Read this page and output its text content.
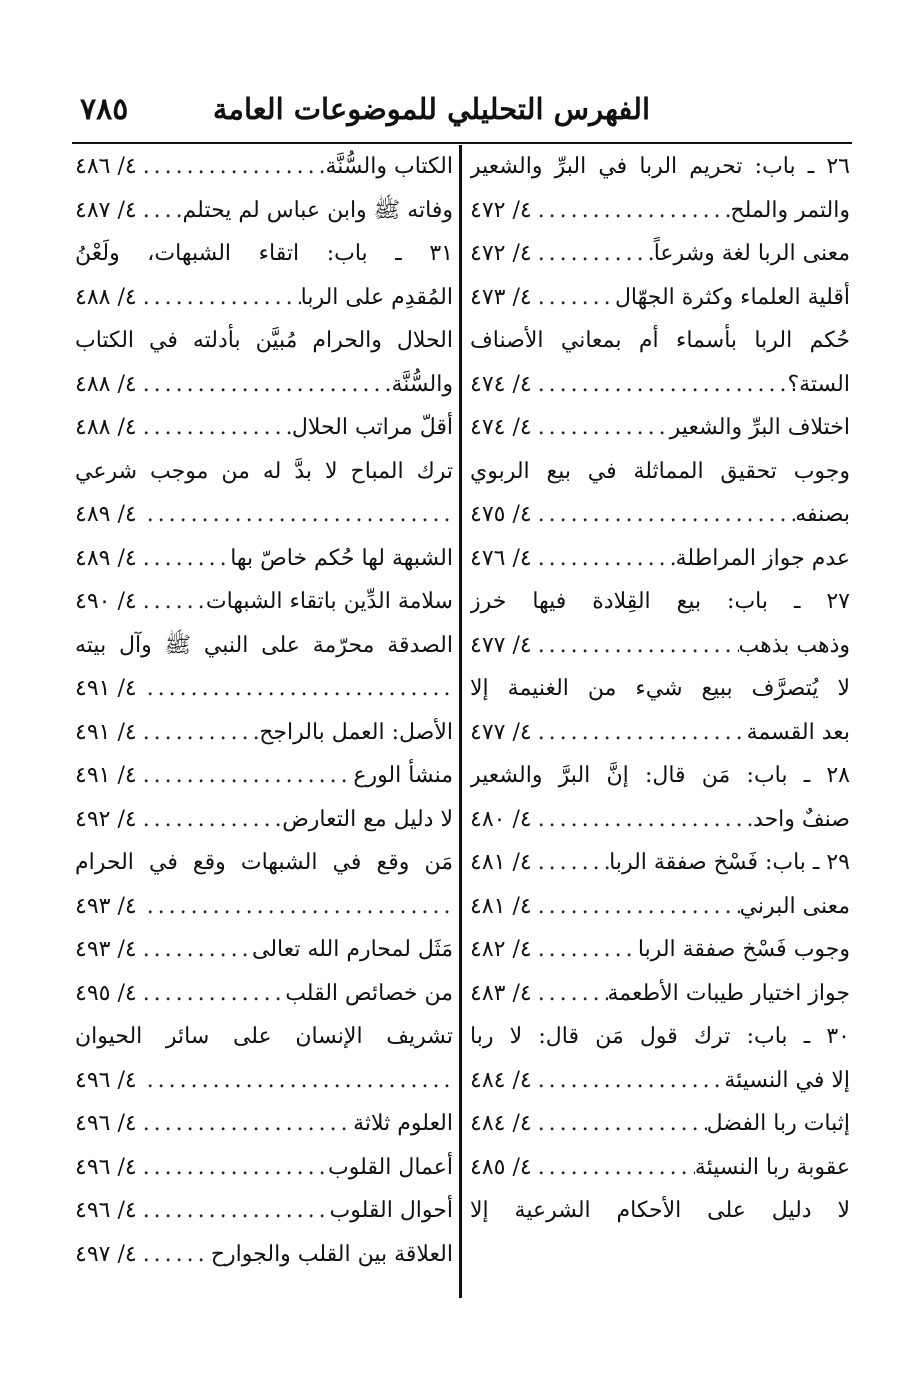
٧٨٥	الفهرس التحليلي للموضوعات العامة
٢٦ ـ باب: تحريم الربا في البرِّ والشعير
والتمر والملح
.....
٤/ ٤٧٢
معنى الربا لغة وشرعاً
.....
٤/ ٤٧٢
أقلية العلماء وكثرة الجهّال
.....
٤/ ٤٧٣
حُكم الربا بأسماء أم بمعاني الأصناف
الستة؟
.....
٤/ ٤٧٤
اختلاف البرِّ والشعير
.....
٤/ ٤٧٤
وجوب تحقيق المماثلة في بيع الربوي
بصنفه
.....
٤/ ٤٧٥
عدم جواز المراطلة
.....
٤/ ٤٧٦
٢٧ ـ باب: بيع القِلادة فيها خرز
وذهب بذهب
.....
٤/ ٤٧٧
لا يُتصرَّف ببيع شيء من الغنيمة إلا
بعد القسمة
.....
٤/ ٤٧٧
٢٨ ـ باب: مَن قال: إنَّ البرَّ والشعير
صنفٌ واحد
.....
٤/ ٤٨٠
٢٩ ـ باب: فَسْخ صفقة الربا
.....
٤/ ٤٨١
معنى البرني
.....
٤/ ٤٨١
وجوب فَسْخ صفقة الربا
.....
٤/ ٤٨٢
جواز اختيار طيبات الأطعمة
.....
٤/ ٤٨٣
٣٠ ـ باب: ترك قول مَن قال: لا ربا
إلا في النسيئة
.....
٤/ ٤٨٤
إثبات ربا الفضل
.....
٤/ ٤٨٤
عقوبة ربا النسيئة
.....
٤/ ٤٨٥
لا دليل على الأحكام الشرعية إلا
الكتاب والسُّنَّة
.....
٤/ ٤٨٦
وفاته ﷺ وابن عباس لم يحتلم
.....
٤/ ٤٨٧
٣١ ـ باب: اتقاء الشبهات، ولَعْنُ
المُقدِم على الربا
.....
٤/ ٤٨٨
الحلال والحرام مُبيَّن بأدلته في الكتاب
والسُّنَّة
.....
٤/ ٤٨٨
أقلّ مراتب الحلال
.....
٤/ ٤٨٨
ترك المباح لا بدَّ له من موجب شرعي
.....
٤/ ٤٨٩
الشبهة لها حُكم خاصّ بها
.....
٤/ ٤٨٩
سلامة الدِّين باتقاء الشبهات
.....
٤/ ٤٩٠
الصدقة محرّمة على النبي ﷺ وآل بيته
.....
٤/ ٤٩١
الأصل: العمل بالراجح
.....
٤/ ٤٩١
منشأ الورع
.....
٤/ ٤٩١
لا دليل مع التعارض
.....
٤/ ٤٩٢
مَن وقع في الشبهات وقع في الحرام
.....
٤/ ٤٩٣
مَثَل لمحارم الله تعالى
.....
٤/ ٤٩٣
من خصائص القلب
.....
٤/ ٤٩٥
تشريف الإنسان على سائر الحيوان
.....
٤/ ٤٩٦
العلوم ثلاثة
.....
٤/ ٤٩٦
أعمال القلوب
.....
٤/ ٤٩٦
أحوال القلوب
.....
٤/ ٤٩٦
العلاقة بين القلب والجوارح
.....
٤/ ٤٩٧
